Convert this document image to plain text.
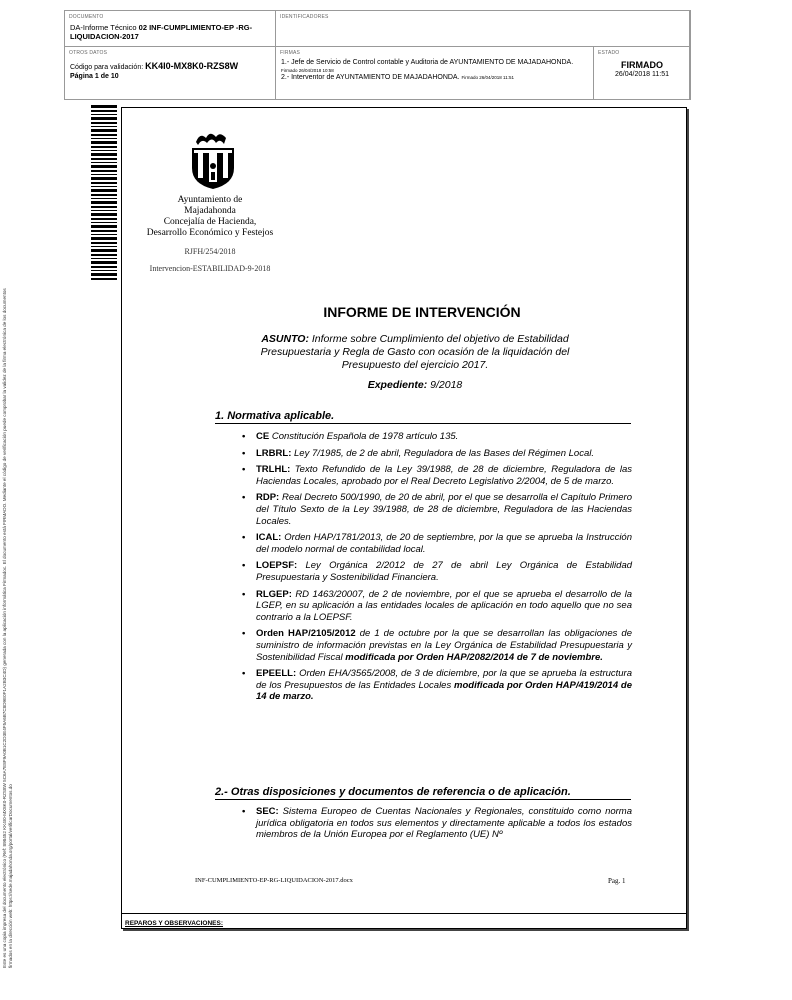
DOCUMENTO
DA-Informe Técnico 02 INF-CUMPLIMIENTO-EP -RG-LIQUIDACION-2017
IDENTIFICADORES
OTROS DATOS
Código para validación: KK4I0-MX8K0-RZS8W
Página 1 de 10
FIRMAS
1.- Jefe de Servicio de Control contable y Auditoria de AYUNTAMIENTO DE MAJADAHONDA. Firmado 26/04/2018 10:58
2.- Interventor de AYUNTAMIENTO DE MAJADAHONDA. Firmado 26/04/2018 11:51
ESTADO
FIRMADO
26/04/2018 11:51
Este es una copia impresa del documento electrónico (Ref: 898452 KK4I0-MX8K0-RZS8W 5C6A7E8F9A0B1C2D3E4F5A6B7C8D9E0F1A2B3C4D) generada con la aplicación informática Firmadoc. El documento está FIRMADO. Mediante el código de verificación puede comprobar la validez de la firma electrónica de los documentos firmados en la dirección web: https://sede.majadahonda.org/portal/verificarDocumentos.do
Ayuntamiento de
Majadahonda
Concejalía de Hacienda,
Desarrollo Económico y Festejos
RJFH/254/2018
Intervencion-ESTABILIDAD-9-2018
INFORME DE INTERVENCIÓN
ASUNTO: Informe sobre Cumplimiento del objetivo de Estabilidad Presupuestaria y Regla de Gasto con ocasión de la liquidación del Presupuesto del ejercicio 2017.
Expediente: 9/2018
1. Normativa aplicable.
• CE Constitución Española de 1978 artículo 135.
• LRBRL: Ley 7/1985, de 2 de abril, Reguladora de las Bases del Régimen Local.
• TRLHL: Texto Refundido de la Ley 39/1988, de 28 de diciembre, Reguladora de las Haciendas Locales, aprobado por el Real Decreto Legislativo 2/2004, de 5 de marzo.
• RDP: Real Decreto 500/1990, de 20 de abril, por el que se desarrolla el Capítulo Primero del Título Sexto de la Ley 39/1988, de 28 de diciembre, Reguladora de las Haciendas Locales.
• ICAL: Orden HAP/1781/2013, de 20 de septiembre, por la que se aprueba la Instrucción del modelo normal de contabilidad local.
• LOEPSF: Ley Orgánica 2/2012 de 27 de abril Ley Orgánica de Estabilidad Presupuestaria y Sostenibilidad Financiera.
• RLGEP: RD 1463/20007, de 2 de noviembre, por el que se aprueba el desarrollo de la LGEP, en su aplicación a las entidades locales de aplicación en todo aquello que no sea contrario a la LOEPSF.
• Orden HAP/2105/2012 de 1 de octubre por la que se desarrollan las obligaciones de suministro de información previstas en la Ley Orgánica de Estabilidad Presupuestaria y Sostenibilidad Fiscal modificada por Orden HAP/2082/2014 de 7 de noviembre.
• EPEELL: Orden EHA/3565/2008, de 3 de diciembre, por la que se aprueba la estructura de los Presupuestos de las Entidades Locales modificada por Orden HAP/419/2014 de 14 de marzo.
2.- Otras disposiciones y documentos de referencia o de aplicación.
• SEC: Sistema Europeo de Cuentas Nacionales y Regionales, constituido como norma jurídica obligatoria en todos sus elementos y directamente aplicable a todos los estados miembros de la Unión Europea por el Reglamento (UE) Nº
INF-CUMPLIMIENTO-EP-RG-LIQUIDACION-2017.docx	Pag. 1
REPAROS Y OBSERVACIONES:
